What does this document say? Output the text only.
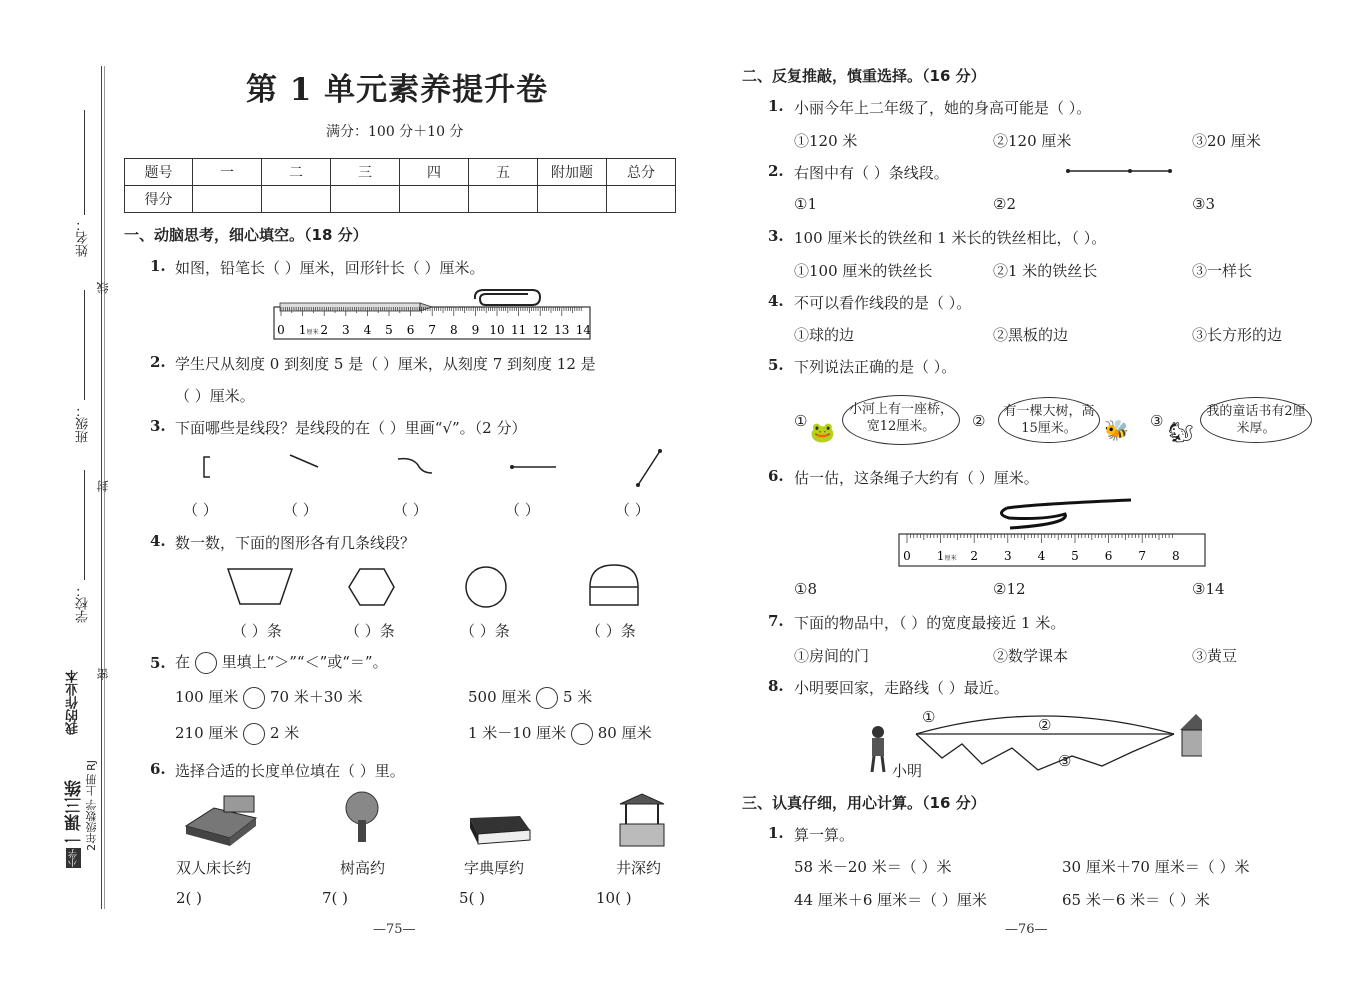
姓名：
线
班级：
封
学校：
密
我的作业本
2年级数学 上册 RJ
一课三练
小学
第 1 单元素养提升卷
满分：100 分＋10 分
题号	一	二	三	四	五	附加题	总分
得分							
一、动脑思考，细心填空。（18 分）
1. 如图，铅笔长（ ）厘米，回形针长（ ）厘米。
0 1 厘米 2 3 4 5 6 7 8 9 10 11 12 13 14
2. 学生尺从刻度 0 到刻度 5 是（ ）厘米，从刻度 7 到刻度 12 是
（ ）厘米。
3. 下面哪些是线段？是线段的在（ ）里画“√”。（2 分）
（ ）	（ ）	（ ）	（ ）	（ ）
4. 数一数，下面的图形各有几条线段？
（ ）条	（ ）条	（ ）条	（ ）条
5. 在 里填上“＞”“＜”或“＝”。
100 厘米 70 米＋30 米	500 厘米 5 米
210 厘米 2 米	1 米－10 厘米 80 厘米
6. 选择合适的长度单位填在（ ）里。
双人床长约	树高约	字典厚约	井深约
2( )	7( )	5( )	10( )
—75—
二、反复推敲，慎重选择。（16 分）
1. 小丽今年上二年级了，她的身高可能是（ ）。
①120 米	②120 厘米	③20 厘米
2. 右图中有（ ）条线段。
①1	②2	③3
3. 100 厘米长的铁丝和 1 米长的铁丝相比，（ ）。
①100 厘米的铁丝长	②1 米的铁丝长	③一样长
4. 不可以看作线段的是（ ）。
①球的边	②黑板的边	③长方形的边
5. 下列说法正确的是（ ）。
①	②	③
6. 估一估，这条绳子大约有（ ）厘米。
①8	②12	③14
7. 下面的物品中，（ ）的宽度最接近 1 米。
①房间的门	②数学课本	③黄豆
8. 小明要回家，走路线（ ）最近。
🐸
小河上有一座桥，宽12厘米。
有一棵大树，高15厘米。	🐝 🐿
我的童话书有2厘米厚。
0 1 厘米 2 3 4 5 6 7 8
①	②
③
小明
三、认真仔细，用心计算。（16 分）
1. 算一算。
58 米－20 米＝（ ）米	30 厘米＋70 厘米＝（ ）米
44 厘米＋6 厘米＝（ ）厘米	65 米－6 米＝（ ）米
—76—
